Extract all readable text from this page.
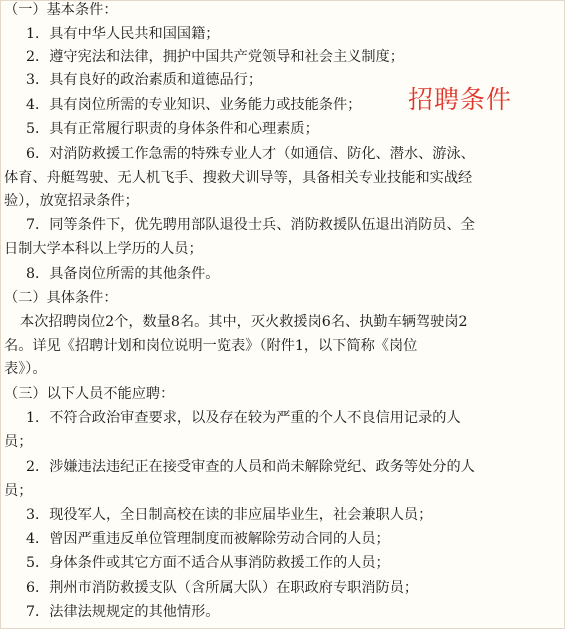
（一）基本条件：
1．具有中华人民共和国国籍；
2．遵守宪法和法律，拥护中国共产党领导和社会主义制度；
3．具有良好的政治素质和道德品行；
4．具有岗位所需的专业知识、业务能力或技能条件；
5．具有正常履行职责的身体条件和心理素质；
6．对消防救援工作急需的特殊专业人才（如通信、防化、潜水、游泳、
体育、舟艇驾驶、无人机飞手、搜救犬训导等，具备相关专业技能和实战经
验），放宽招录条件；
7．同等条件下，优先聘用部队退役士兵、消防救援队伍退出消防员、全
日制大学本科以上学历的人员；
8．具备岗位所需的其他条件。
（二）具体条件：
本次招聘岗位2个，数量8名。其中，灭火救援岗6名、执勤车辆驾驶岗2
名。详见《招聘计划和岗位说明一览表》（附件1，以下简称《岗位
表》）。
（三）以下人员不能应聘：
1．不符合政治审查要求，以及存在较为严重的个人不良信用记录的人
员；
2．涉嫌违法违纪正在接受审查的人员和尚未解除党纪、政务等处分的人
员；
3．现役军人，全日制高校在读的非应届毕业生，社会兼职人员；
4．曾因严重违反单位管理制度而被解除劳动合同的人员；
5．身体条件或其它方面不适合从事消防救援工作的人员；
6．荆州市消防救援支队（含所属大队）在职政府专职消防员；
7．法律法规规定的其他情形。
招聘条件
